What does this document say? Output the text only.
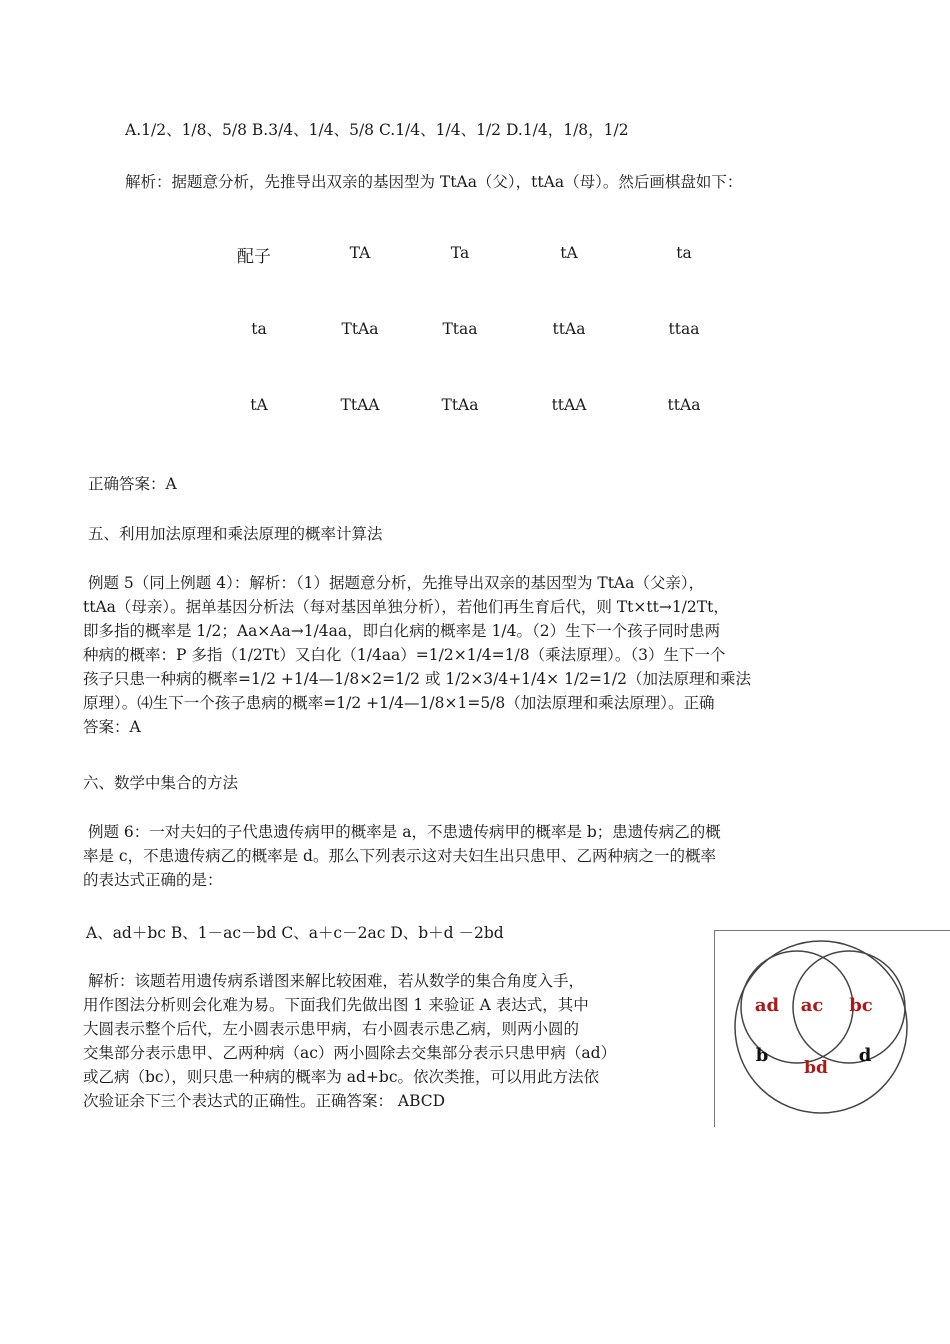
A.1/2、1/8、5/8 B.3/4、1/4、5/8 C.1/4、1/4、1/2 D.1/4，1/8，1/2
解析：据题意分析，先推导出双亲的基因型为 TtAa（父），ttAa（母）。然后画棋盘如下：
配子	TA	Ta	tA	ta
ta	TtAa	Ttaa	ttAa	ttaa
tA	TtAA	TtAa	ttAA	ttAa
正确答案：A
五、利用加法原理和乘法原理的概率计算法
例题 5（同上例题 4）：解析：（1）据题意分析，先推导出双亲的基因型为 TtAa（父亲），
ttAa（母亲）。据单基因分析法（每对基因单独分析），若他们再生育后代，则 Tt×tt→1/2Tt，
即多指的概率是 1/2；Aa×Aa→1/4aa，即白化病的概率是 1/4。（2）生下一个孩子同时患两
种病的概率：P 多指（1/2Tt）又白化（1/4aa）=1/2×1/4=1/8（乘法原理）。（3）生下一个
孩子只患一种病的概率=1/2 +1/4—1/8×2=1/2 或 1/2×3/4+1/4× 1/2=1/2（加法原理和乘法
原理）。⑷生下一个孩子患病的概率=1/2 +1/4—1/8×1=5/8（加法原理和乘法原理）。正确
答案：A
六、数学中集合的方法
例题 6：一对夫妇的子代患遗传病甲的概率是 a，不患遗传病甲的概率是 b；患遗传病乙的概
率是 c，不患遗传病乙的概率是 d。那么下列表示这对夫妇生出只患甲、乙两种病之一的概率
的表达式正确的是：
A、ad＋bc B、1－ac－bd C、a＋c－2ac D、b＋d －2bd
解析：该题若用遗传病系谱图来解比较困难，若从数学的集合角度入手，
用作图法分析则会化难为易。下面我们先做出图 1 来验证 A 表达式，其中
大圆表示整个后代，左小圆表示患甲病，右小圆表示患乙病，则两小圆的
交集部分表示患甲、乙两种病（ac）两小圆除去交集部分表示只患甲病（ad）
或乙病（bc），则只患一种病的概率为 ad+bc。依次类推，可以用此方法依
次验证余下三个表达式的正确性。正确答案： ABCD
ad ac bc
bd
b	d
